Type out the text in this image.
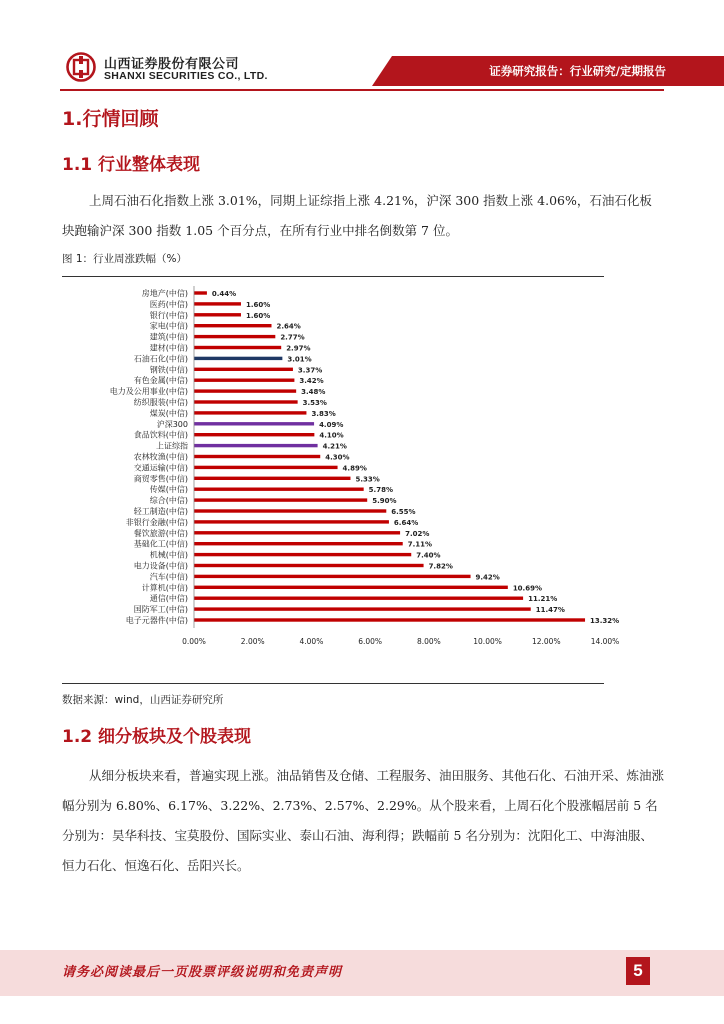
山西证券股份有限公司
SHANXI SECURITIES CO., LTD.	证券研究报告：行业研究/定期报告
1.行情回顾
1.1 行业整体表现
上周石油石化指数上涨 3.01%，同期上证综指上涨 4.21%，沪深 300 指数上涨 4.06%，石油石化板块跑输沪深 300 指数 1.05 个百分点，在所有行业中排名倒数第 7 位。
图 1：行业周涨跌幅（%）
房地产(中信)	0.44%
医药(中信)	1.60%
银行(中信)	1.60%
家电(中信)	2.64%
建筑(中信)	2.77%
建材(中信)	2.97%
石油石化(中信)	3.01%
钢铁(中信)	3.37%
有色金属(中信)	3.42%
电力及公用事业(中信)	3.48%
纺织服装(中信)	3.53%
煤炭(中信)	3.83%
沪深300	4.09%
食品饮料(中信)	4.10%
上证综指	4.21%
农林牧渔(中信)	4.30%
交通运输(中信)	4.89%
商贸零售(中信)	5.33%
传媒(中信)	5.78%
综合(中信)	5.90%
轻工制造(中信)	6.55%
非银行金融(中信)	6.64%
餐饮旅游(中信)	7.02%
基础化工(中信)	7.11%
机械(中信)	7.40%
电力设备(中信)	7.82%
汽车(中信)	9.42%
计算机(中信)	10.69%
通信(中信)	11.21%
国防军工(中信)	11.47%
电子元器件(中信)	13.32%
0.00%	2.00%	4.00%	6.00%	8.00%	10.00%	12.00%	14.00%
数据来源：wind，山西证券研究所
1.2 细分板块及个股表现
从细分板块来看，普遍实现上涨。油品销售及仓储、工程服务、油田服务、其他石化、石油开采、炼油涨幅分别为 6.80%、6.17%、3.22%、2.73%、2.57%、2.29%。从个股来看，上周石化个股涨幅居前 5 名分别为：昊华科技、宝莫股份、国际实业、泰山石油、海利得；跌幅前 5 名分别为：沈阳化工、中海油服、恒力石化、恒逸石化、岳阳兴长。
请务必阅读最后一页股票评级说明和免责声明	5
